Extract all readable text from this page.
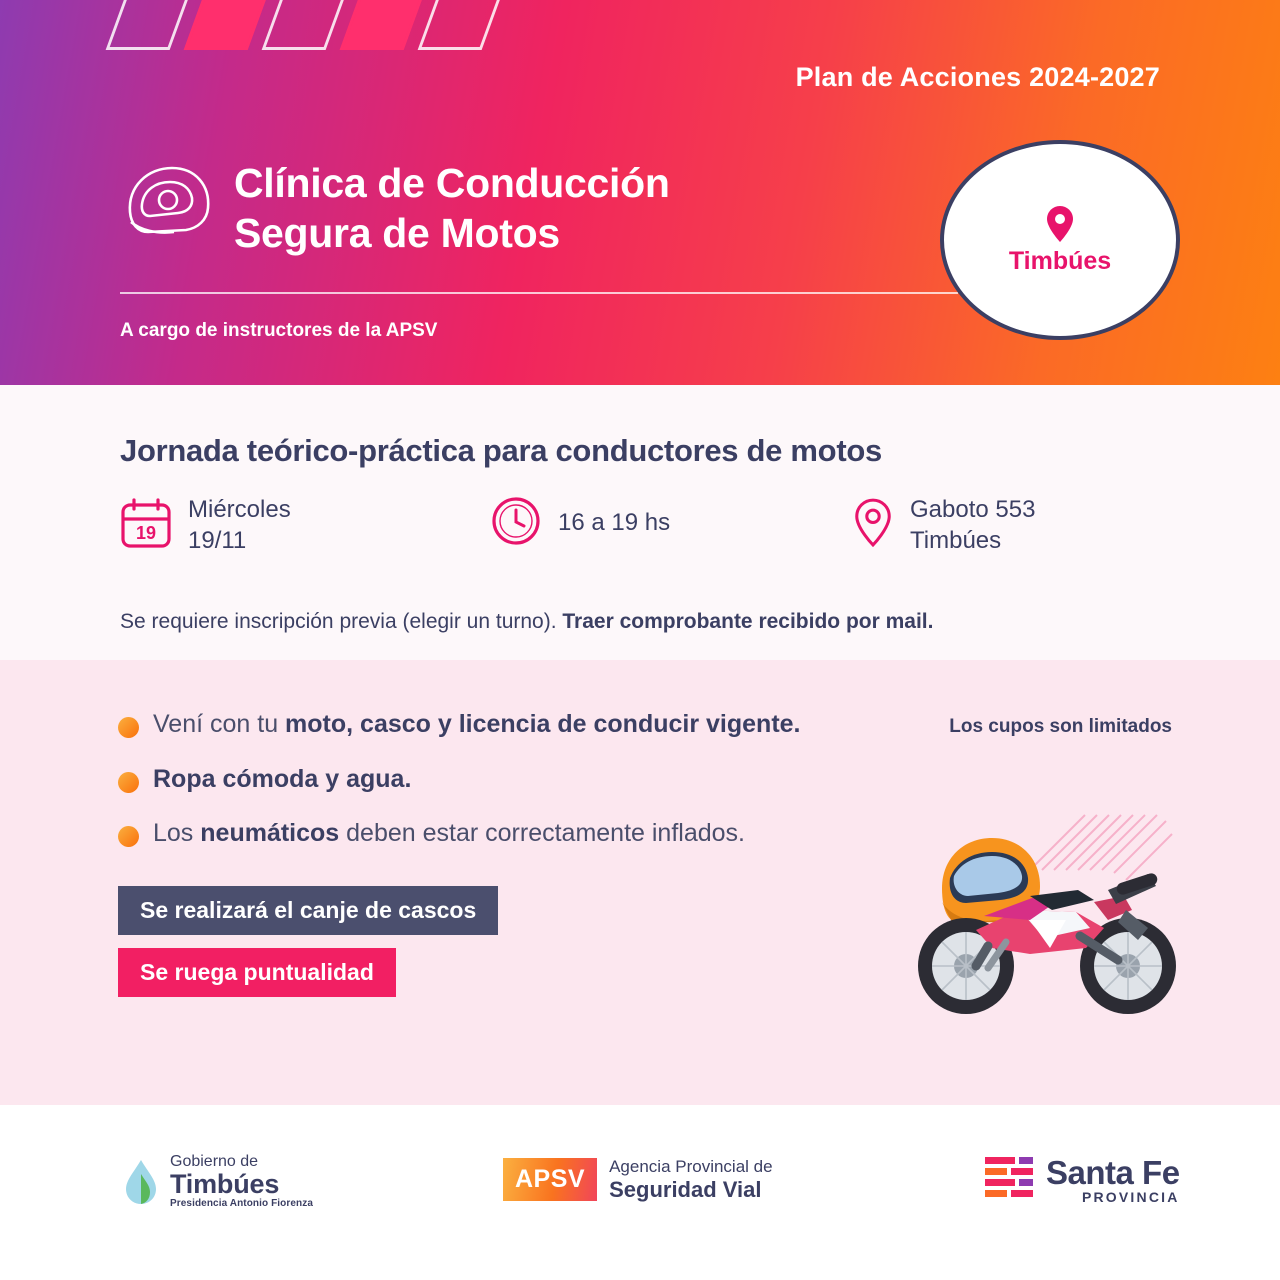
Plan de Acciones 2024-2027
Clínica de Conducción
Segura de Motos
A cargo de instructores de la APSV
Timbúes
Jornada teórico-práctica para conductores de motos
19
Miércoles
19/11
16 a 19 hs	Gaboto 553
Timbúes
Se requiere inscripción previa (elegir un turno). Traer comprobante recibido por mail.
Los cupos son limitados
Vení con tu moto, casco y licencia de conducir vigente.
Ropa cómoda y agua.
Los neumáticos deben estar correctamente inflados.
Se realizará el canje de cascos
Se ruega puntualidad
Gobierno de
Timbúes
Presidencia Antonio Fiorenza
APSV	Agencia Provincial de
Seguridad Vial	Santa Fe
PROVINCIA
